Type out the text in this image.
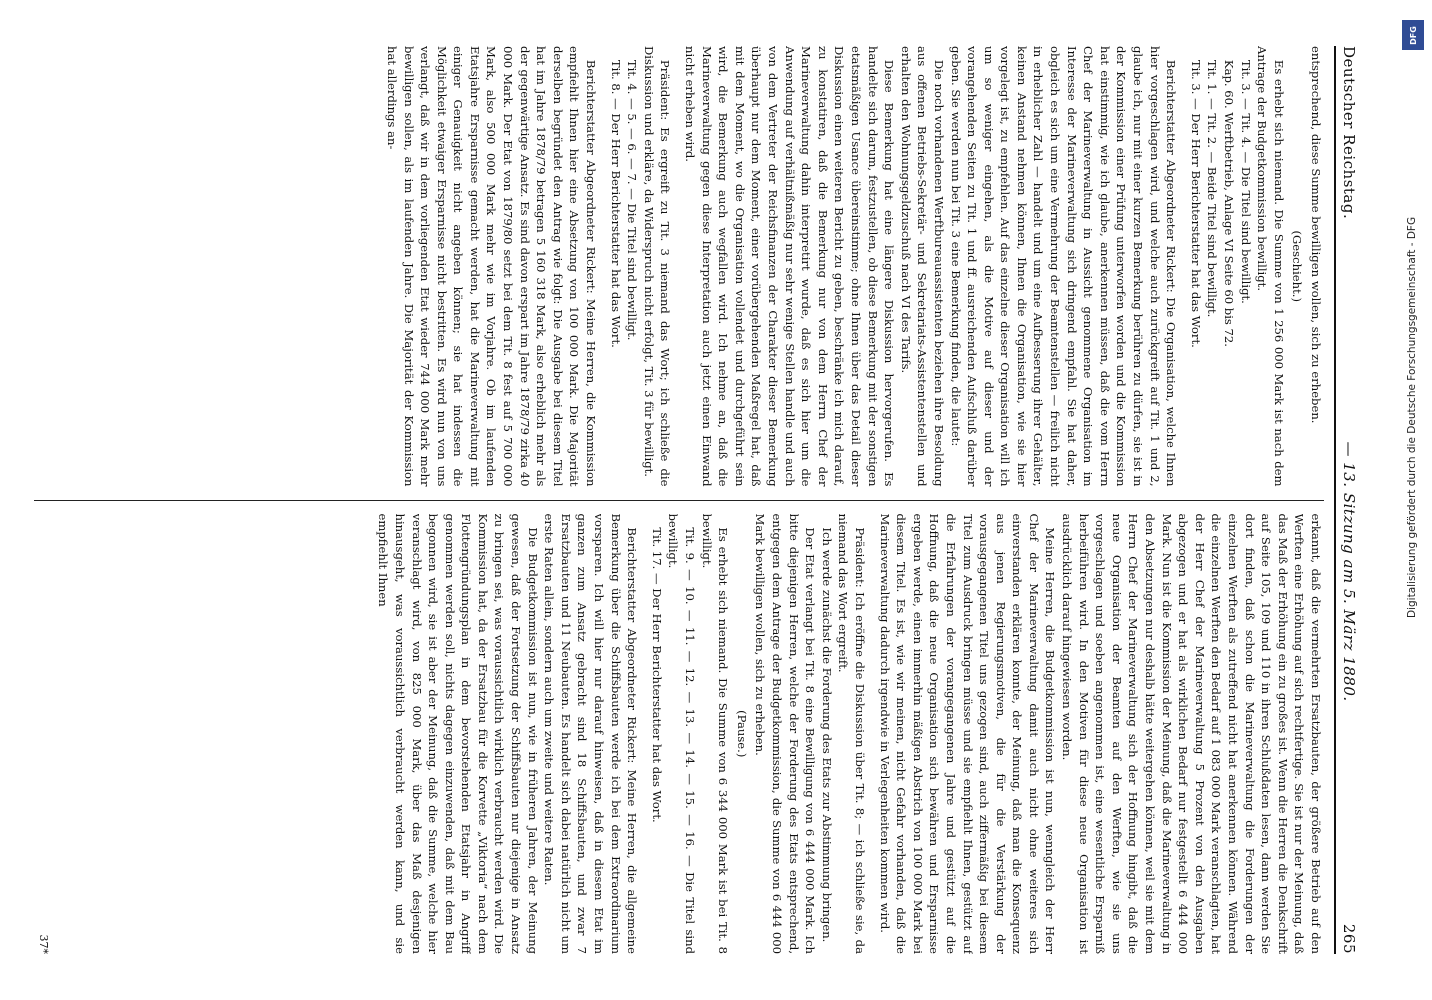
Deutscher Reichstag.
— 13. Sitzung am 5. März 1880.
265

entsprechend, diese Summe bewilligen wollen, sich zu erheben.

(Geschieht.)

Es erhebt sich niemand. Die Summe von 1 256 000 Mark ist nach dem Antrage der Budgetkommission bewilligt.

Tit. 3. — Tit. 4. — Die Titel sind bewilligt.

Kap. 60. Werftbetrieb, Anlage VI Seite 60 bis 72.

Tit. 1. — Tit. 2. — Beide Titel sind bewilligt.

Tit. 3. — Der Herr Berichterstatter hat das Wort.

Berichterstatter Abgeordneter Rickert: Die Organisation, welche Ihnen hier vorgeschlagen wird, und welche auch zurückgreift auf Tit. 1 und 2, glaube ich, nur mit einer kurzen Bemerkung berühren zu dürfen, sie ist in der Kommission einer Prüfung unterworfen worden und die Kommission hat einstimmig, wie ich glaube, anerkennen müssen, daß die vom Herrn Chef der Marineverwaltung in Aussicht genommene Organisation im Interesse der Marineverwaltung sich dringend empfahl. Sie hat daher, obgleich es sich um eine Vermehrung der Beamtenstellen — freilich nicht in erheblicher Zahl — handelt und um eine Aufbesserung ihrer Gehälter, keinen Anstand nehmen können, Ihnen die Organisation, wie sie hier vorgelegt ist, zu empfehlen. Auf das einzelne dieser Organisation will ich um so weniger eingehen, als die Motive auf dieser und der vorangehenden Seiten zu Tit. 1 und ff. ausreichenden Aufschluß darüber geben. Sie werden nun bei Tit. 3 eine Bemerkung finden, die lautet:

Die noch vorhandenen Werftbureauassistenten beziehen ihre Besoldung aus offenen Betriebs-Sekretär- und Sekretariats-Assistentenstellen und erhalten den Wohnungsgeldzuschuß nach VI des Tarifs.

Diese Bemerkung hat eine längere Diskussion hervorgerufen. Es handelte sich darum, festzustellen, ob diese Bemerkung mit der sonstigen etatsmäßigen Usance übereinstimme; ohne Ihnen über das Detail dieser Diskussion einen weiteren Bericht zu geben, beschränke ich mich darauf, zu konstatiren, daß die Bemerkung nur von dem Herrn Chef der Marineverwaltung dahin interpretirt wurde, daß es sich hier um die Anwendung auf verhältnißmäßig nur sehr wenige Stellen handle und auch von dem Vertreter der Reichsfinanzen der Charakter dieser Bemerkung überhaupt nur dem Moment, einer vorübergehenden Maßregel hat, daß mit dem Moment, wo die Organisation vollendet und durchgeführt sein wird, die Bemerkung auch wegfallen wird. Ich nehme an, daß die Marineverwaltung gegen diese Interpretation auch jetzt einen Einwand nicht erheben wird.

Präsident: Es ergreift zu Tit. 3 niemand das Wort; ich schließe die Diskussion und erkläre, da Widerspruch nicht erfolgt, Tit. 3 für bewilligt.

Tit. 4. — 5. — 6. — 7. — Die Titel sind bewilligt.

Tit. 8. — Der Herr Berichterstatter hat das Wort.

Berichterstatter Abgeordneter Rickert: Meine Herren, die Kommission empfiehlt Ihnen hier eine Absetzung von 100 000 Mark. Die Majorität derselben begründet den Antrag wie folgt: Die Ausgabe bei diesem Titel hat im Jahre 1878/79 betragen 5 160 318 Mark, also erheblich mehr als der gegenwärtige Ansatz. Es sind davon erspart im Jahre 1878/79 zirka 40 000 Mark. Der Etat von 1879/80 setzt bei dem Tit. 8 fest auf 5 700 000 Mark, also 500 000 Mark mehr wie im Vorjahre. Ob im laufenden Etatsjahre Ersparnisse gemacht werden, hat die Marineverwaltung mit einiger Genauigkeit nicht angeben können; sie hat indessen die Möglichkeit etwaiger Ersparnisse nicht bestritten. Es wird nun von uns verlangt, daß wir in dem vorliegenden Etat wieder 744 000 Mark mehr bewilligen sollen, als im laufenden Jahre. Die Majorität der Kommission hat allerdings an-

erkannt, daß die vermehrten Ersatzbauten, der größere Betrieb auf den Werften eine Erhöhung auf sich rechtfertige. Sie ist nur der Meinung, daß das Maß der Erhöhung ein zu großes ist. Wenn die Herren die Denkschrift auf Seite 105, 109 und 110 in ihren Schlußdaten lesen, dann werden Sie dort finden, daß schon die Marineverwaltung die Forderungen der einzelnen Werften als zutreffend nicht hat anerkennen können. Während die einzelnen Werften den Bedarf auf 1 083 000 Mark veranschlagten, hat der Herr Chef der Marineverwaltung 5 Prozent von den Ausgaben abgezogen und er hat als wirklichen Bedarf nur festgestellt 6 444 000 Mark. Nun ist die Kommission der Meinung, daß die Marineverwaltung in den Absetzungen nur deshalb hätte weitergehen können, weil sie mit dem Herrn Chef der Marineverwaltung sich der Hoffnung hingibt, daß die neue Organisation der Beamten auf den Werften, wie sie uns vorgeschlagen und soeben angenommen ist, eine wesentliche Ersparniß herbeiführen wird. In den Motiven für diese neue Organisation ist ausdrücklich darauf hingewiesen worden.

Meine Herren, die Budgetkommission ist nun, wenngleich der Herr Chef der Marineverwaltung damit auch nicht ohne weiteres sich einverstanden erklären konnte, der Meinung, daß man die Konsequenz aus jenen Regierungsmotiven, die für die Verstärkung der vorausgegangenen Titel uns gezogen sind, auch ziffermäßig bei diesem Titel zum Ausdruck bringen müsse und sie empfiehlt Ihnen, gestützt auf die Erfahrungen der vorangegangenen Jahre und gestützt auf die Hoffnung, daß die neue Organisation sich bewähren und Ersparnisse ergeben werde, einen immerhin mäßigen Abstrich von 100 000 Mark bei diesem Titel. Es ist, wie wir meinen, nicht Gefahr vorhanden, daß die Marineverwaltung dadurch irgendwie in Verlegenheiten kommen wird.

Präsident: Ich eröffne die Diskussion über Tit. 8; — ich schließe sie, da niemand das Wort ergreift.

Ich werde zunächst die Forderung des Etats zur Abstimmung bringen.

Der Etat verlangt bei Tit. 8 eine Bewilligung von 6 444 000 Mark. Ich bitte diejenigen Herren, welche der Forderung des Etats entsprechend, entgegen dem Antrage der Budgetkommission, die Summe von 6 444 000 Mark bewilligen wollen, sich zu erheben.

(Pause.)

Es erhebt sich niemand. Die Summe von 6 344 000 Mark ist bei Tit. 8 bewilligt.

Tit. 9. — 10. — 11. — 12. — 13. — 14. — 15. — 16. — Die Titel sind bewilligt.

Tit. 17. — Der Herr Berichterstatter hat das Wort.

Berichterstatter Abgeordneter Rickert: Meine Herren, die allgemeine Bemerkung über die Schiffsbauten werde ich bei dem Extraordinarium vorsparen. Ich will hier nur darauf hinweisen, daß in diesem Etat im ganzen zum Ansatz gebracht sind 18 Schiffsbauten, und zwar 7 Ersatzbauten und 11 Neubauten. Es handelt sich dabei natürlich nicht um erste Raten allein, sondern auch um zweite und weitere Raten.

Die Budgetkommission ist nun, wie in früheren Jahren, der Meinung gewesen, daß der Fortsetzung der Schiffsbauten nur diejenige in Ansatz zu bringen sei, was voraussichtlich wirklich verbraucht werden wird. Die Kommission hat, da der Ersatzbau für die Korvette „Viktoria“ nach dem Flottengründungsplan in dem bevorstehenden Etatsjahr in Angriff genommen werden soll, nichts dagegen einzuwenden, daß mit dem Bau begonnen wird, sie ist aber der Meinung, daß die Summe, welche hier veranschlagt wird, von 825 000 Mark, über das Maß desjenigen hinausgeht, was voraussichtlich verbraucht werden kann, und sie empfiehlt Ihnen

37*
DFG
Digitalisierung gefördert durch die Deutsche Forschungsgemeinschaft - DFG
